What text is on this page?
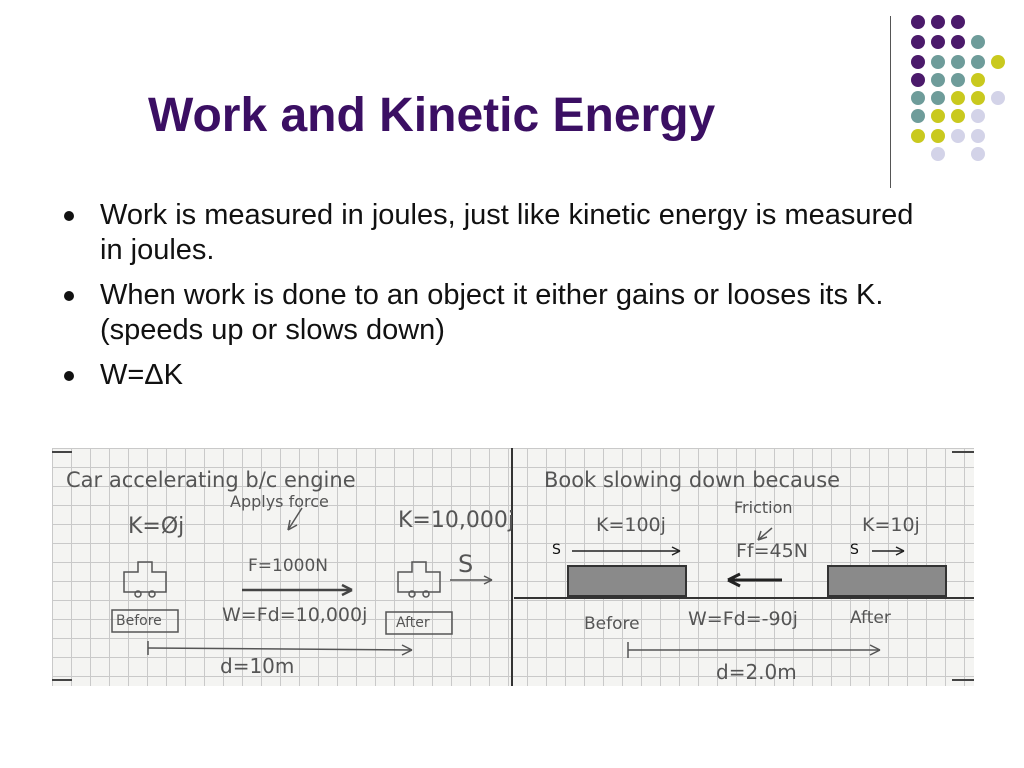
Work and Kinetic Energy
Work is measured in joules, just like kinetic energy is measured in joules.
When work is done to an object it either gains or looses its K. (speeds up or slows down)
W=ΔK
Car accelerating b/c engine
Applys force
K=Øj	K=10,000j
F=1000N	S
Before	After
W=Fd=10,000j
d=10m
Book slowing down because
Friction
K=100j	K=10j
S	S
Ff=45N
Before	After
W=Fd=-90j
d=2.0m
